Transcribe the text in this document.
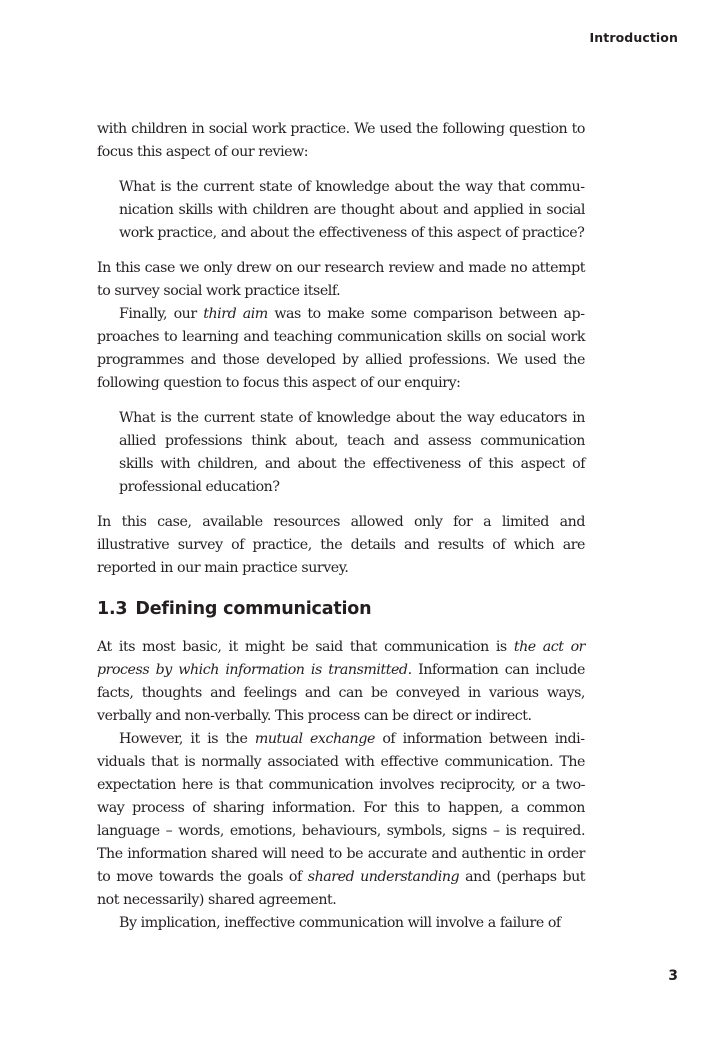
Introduction

with children in social work practice. We used the following question to focus this aspect of our review:

What is the current state of knowledge about the way that communication skills with children are thought about and applied in social work practice, and about the effectiveness of this aspect of practice?

In this case we only drew on our research review and made no attempt to survey social work practice itself.

Finally, our third aim was to make some comparison between approaches to learning and teaching communication skills on social work programmes and those developed by allied professions. We used the following question to focus this aspect of our enquiry:

What is the current state of knowledge about the way educators in allied professions think about, teach and assess communication skills with children, and about the effectiveness of this aspect of professional education?

In this case, available resources allowed only for a limited and illustrative survey of practice, the details and results of which are reported in our main practice survey.

1.3 Defining communication

At its most basic, it might be said that communication is the act or process by which information is transmitted. Information can include facts, thoughts and feelings and can be conveyed in various ways, verbally and non-verbally. This process can be direct or indirect.

However, it is the mutual exchange of information between individuals that is normally associated with effective communication. The expectation here is that communication involves reciprocity, or a two-way process of sharing information. For this to happen, a common language – words, emotions, behaviours, symbols, signs – is required. The information shared will need to be accurate and authentic in order to move towards the goals of shared understanding and (perhaps but not necessarily) shared agreement.

By implication, ineffective communication will involve a failure of

3
